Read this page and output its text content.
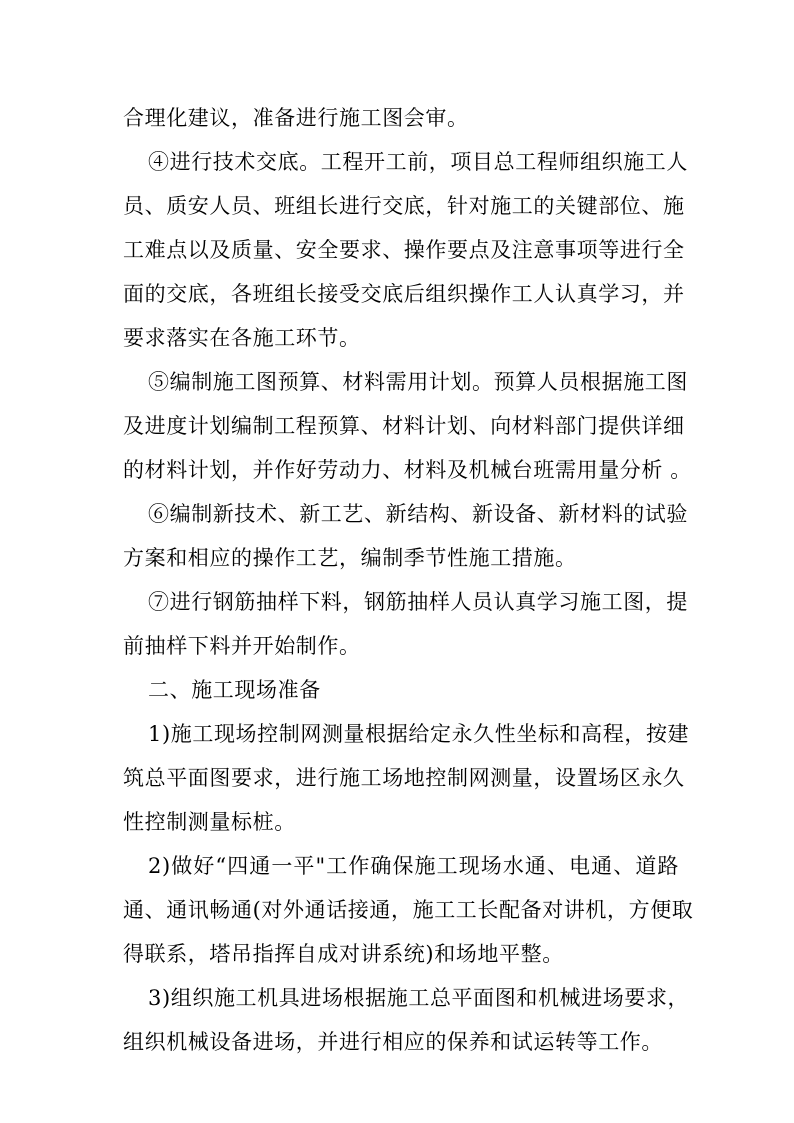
合理化建议，准备进行施工图会审。
④进行技术交底。工程开工前，项目总工程师组织施工人
员、质安人员、班组长进行交底，针对施工的关键部位、施
工难点以及质量、安全要求、操作要点及注意事项等进行全
面的交底，各班组长接受交底后组织操作工人认真学习，并
要求落实在各施工环节。
⑤编制施工图预算、材料需用计划。预算人员根据施工图
及进度计划编制工程预算、材料计划、向材料部门提供详细
的材料计划，并作好劳动力、材料及机械台班需用量分析 。
⑥编制新技术、新工艺、新结构、新设备、新材料的试验
方案和相应的操作工艺，编制季节性施工措施。
⑦进行钢筋抽样下料，钢筋抽样人员认真学习施工图，提
前抽样下料并开始制作。
二、施工现场准备
1)施工现场控制网测量根据给定永久性坐标和高程，按建
筑总平面图要求，进行施工场地控制网测量，设置场区永久
性控制测量标桩。
2)做好“四通一平"工作确保施工现场水通、电通、道路
通、通讯畅通(对外通话接通，施工工长配备对讲机，方便取
得联系，塔吊指挥自成对讲系统)和场地平整。
3)组织施工机具进场根据施工总平面图和机械进场要求，
组织机械设备进场，并进行相应的保养和试运转等工作。
